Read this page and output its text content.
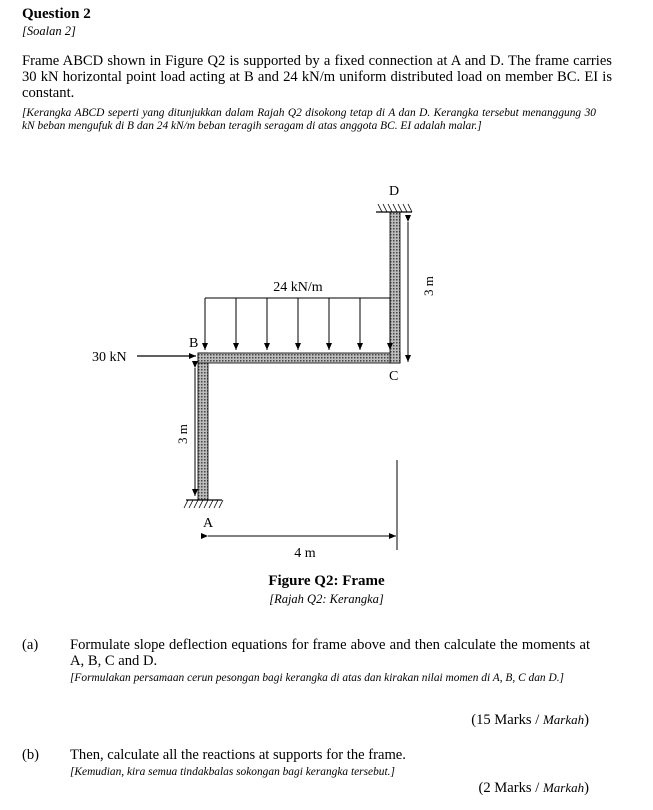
Question 2
[Soalan 2]
Frame ABCD shown in Figure Q2 is supported by a fixed connection at A and D. The frame carries 30 kN horizontal point load acting at B and 24 kN/m uniform distributed load on member BC. EI is constant.
[Kerangka ABCD seperti yang ditunjukkan dalam Rajah Q2 disokong tetap di A dan D. Kerangka tersebut menanggung 30 kN beban mengufuk di B dan 24 kN/m beban teragih seragam di atas anggota BC. EI adalah malar.]
24 kN/m
30 kN
B
C
D
A
3 m
3 m
4 m
Figure Q2: Frame
[Rajah Q2: Kerangka]
(a) Formulate slope deflection equations for frame above and then calculate the moments at A, B, C and D.
[Formulakan persamaan cerun pesongan bagi kerangka di atas dan kirakan nilai momen di A, B, C dan D.]
(15 Marks / Markah)
(b) Then, calculate all the reactions at supports for the frame.
[Kemudian, kira semua tindakbalas sokongan bagi kerangka tersebut.]
(2 Marks / Markah)
